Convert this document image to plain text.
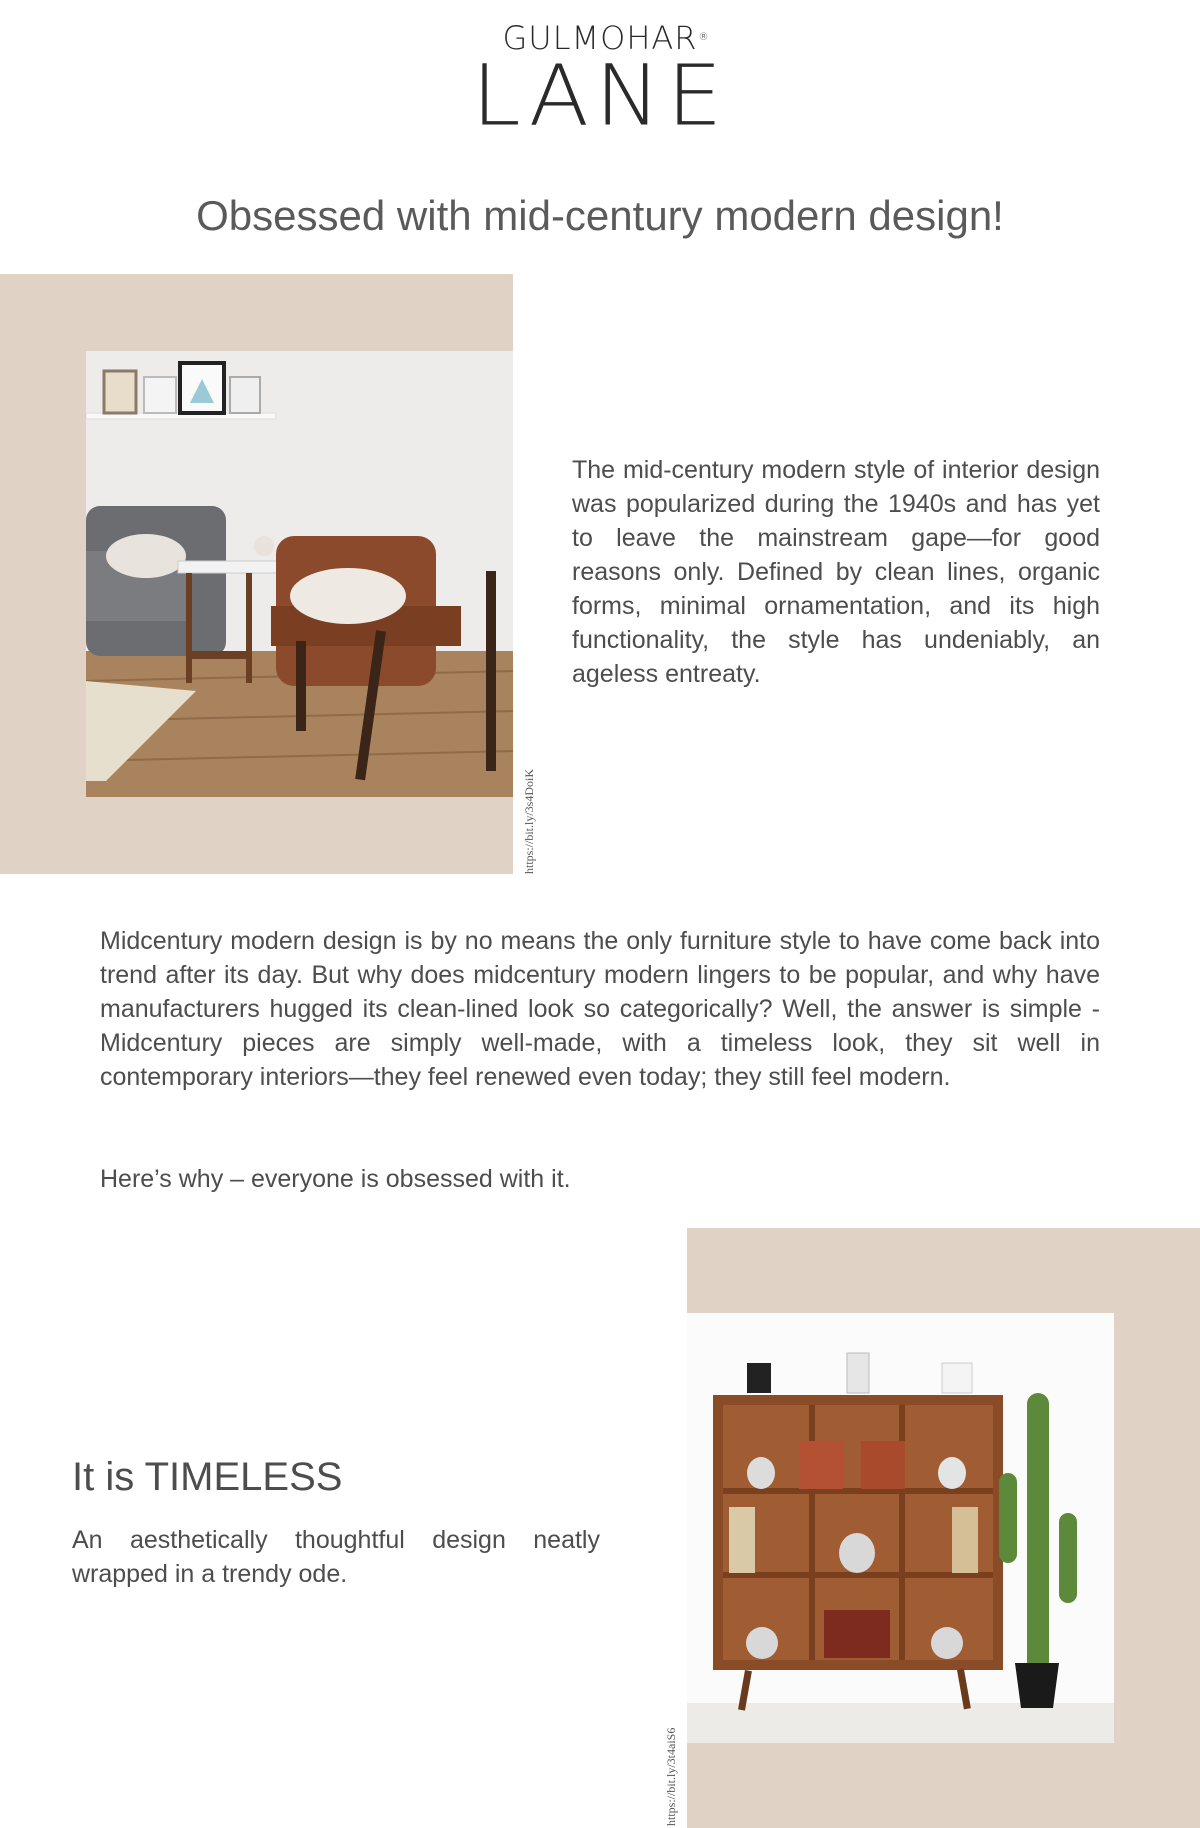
GULMOHAR ®
LANE
Obsessed with mid-century modern design!
https://bit.ly/3s4DoiK
The mid-century modern style of interior design was popularized during the 1940s and has yet to leave the mainstream gape—for good reasons only. Defined by clean lines, organic forms, minimal ornamentation, and its high functionality, the style has undeniably, an ageless entreaty.
Midcentury modern design is by no means the only furniture style to have come back into trend after its day. But why does midcentury modern lingers to be popular, and why have manufacturers hugged its clean-lined look so categorically? Well, the answer is simple - Midcentury pieces are simply well-made, with a timeless look, they sit well in contemporary interiors—they feel renewed even today; they still feel modern.
Here’s why – everyone is obsessed with it.
It is TIMELESS
An aesthetically thoughtful design neatly wrapped in a trendy ode.
https://bit.ly/3t4aiS6
